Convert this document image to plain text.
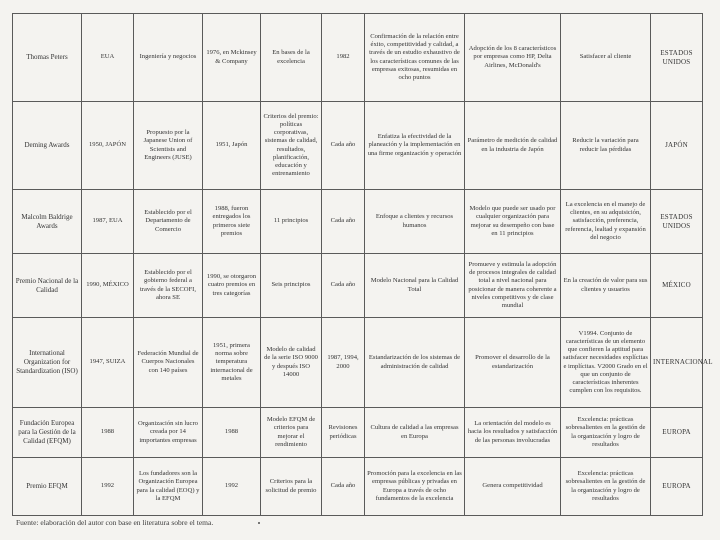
Thomas Peters	EUA	Ingeniería y negocios	1976, en Mckinsey & Company	En bases de la excelencia	1982	Confirmación de la relación entre éxito, competitividad y calidad, a través de un estudio exhaustivo de los características comunes de las empresas exitosas, resumidas en ocho puntos	Adopción de los 8 característicos por empresas como HP, Delta Airlines, McDonald's	Satisfacer al cliente	ESTADOS UNIDOS
Deming Awards	1950, JAPÓN	Propuesto por la Japanese Union of Scientists and Engineers (JUSE)	1951, Japón	Criterios del premio: políticas corporativas, sistemas de calidad, resultados, planificación, educación y entrenamiento	Cada año	Enfatiza la efectividad de la planeación y la implementación en una firme organización y operación	Parámetro de medición de calidad en la industria de Japón	Reducir la variación para reducir las pérdidas	JAPÓN
Malcolm Baldrige Awards	1987, EUA	Establecido por el Departamento de Comercio	1988, fueron entregados los primeros siete premios	11 principios	Cada año	Enfoque a clientes y recursos humanos	Modelo que puede ser usado por cualquier organización para mejorar su desempeño con base en 11 principios	La excelencia en el manejo de clientes, en su adquisición, satisfacción, preferencia, referencia, lealtad y expansión del negocio	ESTADOS UNIDOS
Premio Nacional de la Calidad	1990, MÉXICO	Establecido por el gobierno federal a través de la SECOFI, ahora SE	1990, se otorgaron cuatro premios en tres categorías	Seis principios	Cada año	Modelo Nacional para la Calidad Total	Promueve y estimula la adopción de procesos integrales de calidad total a nivel nacional para posicionar de manera coherente a niveles competitivos y de clase mundial	En la creación de valor para sus clientes y usuarios	MÉXICO
International Organization for Standardization (ISO)	1947, SUIZA	Federación Mundial de Cuerpos Nacionales con 140 países	1951, primera norma sobre temperatura internacional de metales	Modelo de calidad de la serie ISO 9000 y después ISO 14000	1987, 1994, 2000	Estandarización de los sistemas de administración de calidad	Promover el desarrollo de la estandarización	V1994. Conjunto de características de un elemento que confieren la aptitud para satisfacer necesidades explícitas e implícitas. V2000 Grado en el que un conjunto de características inherentes cumplen con los requisitos.	INTERNACIONAL
Fundación Europea para la Gestión de la Calidad (EFQM)	1988	Organización sin lucro creada por 14 importantes empresas	1988	Modelo EFQM de criterios para mejorar el rendimiento	Revisiones periódicas	Cultura de calidad a las empresas en Europa	La orientación del modelo es hacia los resultados y satisfacción de las personas involucradas	Excelencia: prácticas sobresalientes en la gestión de la organización y logro de resultados	EUROPA
Premio EFQM	1992	Los fundadores son la Organización Europea para la calidad (EOQ) y la EFQM	1992	Criterios para la solicitud de premio	Cada año	Promoción para la excelencia en las empresas públicas y privadas en Europa a través de ocho fundamentos de la excelencia	Genera competitividad	Excelencia: prácticas sobresalientes en la gestión de la organización y logro de resultados	EUROPA
Fuente: elaboración del autor con base en literatura sobre el tema.
